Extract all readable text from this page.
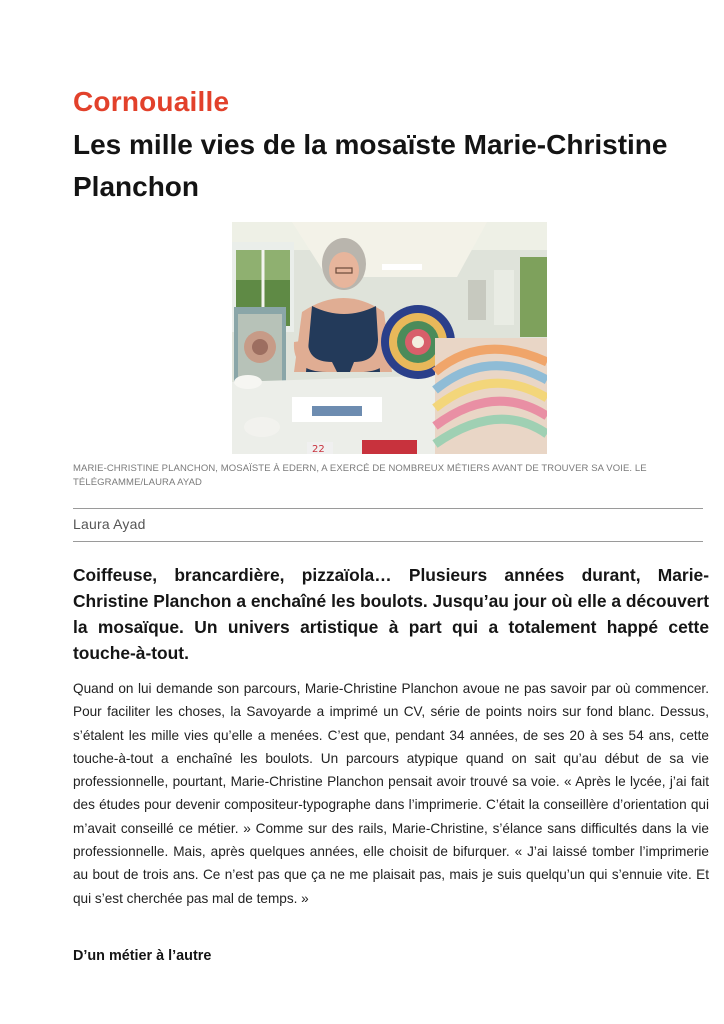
Cornouaille
Les mille vies de la mosaïste Marie-Christine Planchon
22
MARIE-CHRISTINE PLANCHON, MOSAÏSTE À EDERN, A EXERCÉ DE NOMBREUX MÉTIERS AVANT DE TROUVER SA VOIE. LE TÉLÉGRAMME/LAURA AYAD
Laura Ayad

Coiffeuse, brancardière, pizzaïola… Plusieurs années durant, Marie-Christine Planchon a enchaîné les boulots. Jusqu’au jour où elle a découvert la mosaïque. Un univers artistique à part qui a totalement happé cette touche-à-tout.

Quand on lui demande son parcours, Marie-Christine Planchon avoue ne pas savoir par où commencer. Pour faciliter les choses, la Savoyarde a imprimé un CV, série de points noirs sur fond blanc. Dessus, s’étalent les mille vies qu’elle a menées. C’est que, pendant 34 années, de ses 20 à ses 54 ans, cette touche-à-tout a enchaîné les boulots. Un parcours atypique quand on sait qu’au début de sa vie professionnelle, pourtant, Marie-Christine Planchon pensait avoir trouvé sa voie. « Après le lycée, j’ai fait des études pour devenir compositeur-typographe dans l’imprimerie. C’était la conseillère d’orientation qui m’avait conseillé ce métier. » Comme sur des rails, Marie-Christine, s’élance sans difficultés dans la vie professionnelle. Mais, après quelques années, elle choisit de bifurquer. « J’ai laissé tomber l’imprimerie au bout de trois ans. Ce n’est pas que ça ne me plaisait pas, mais je suis quelqu’un qui s’ennuie vite. Et qui s’est cherchée pas mal de temps. »

D’un métier à l’autre
